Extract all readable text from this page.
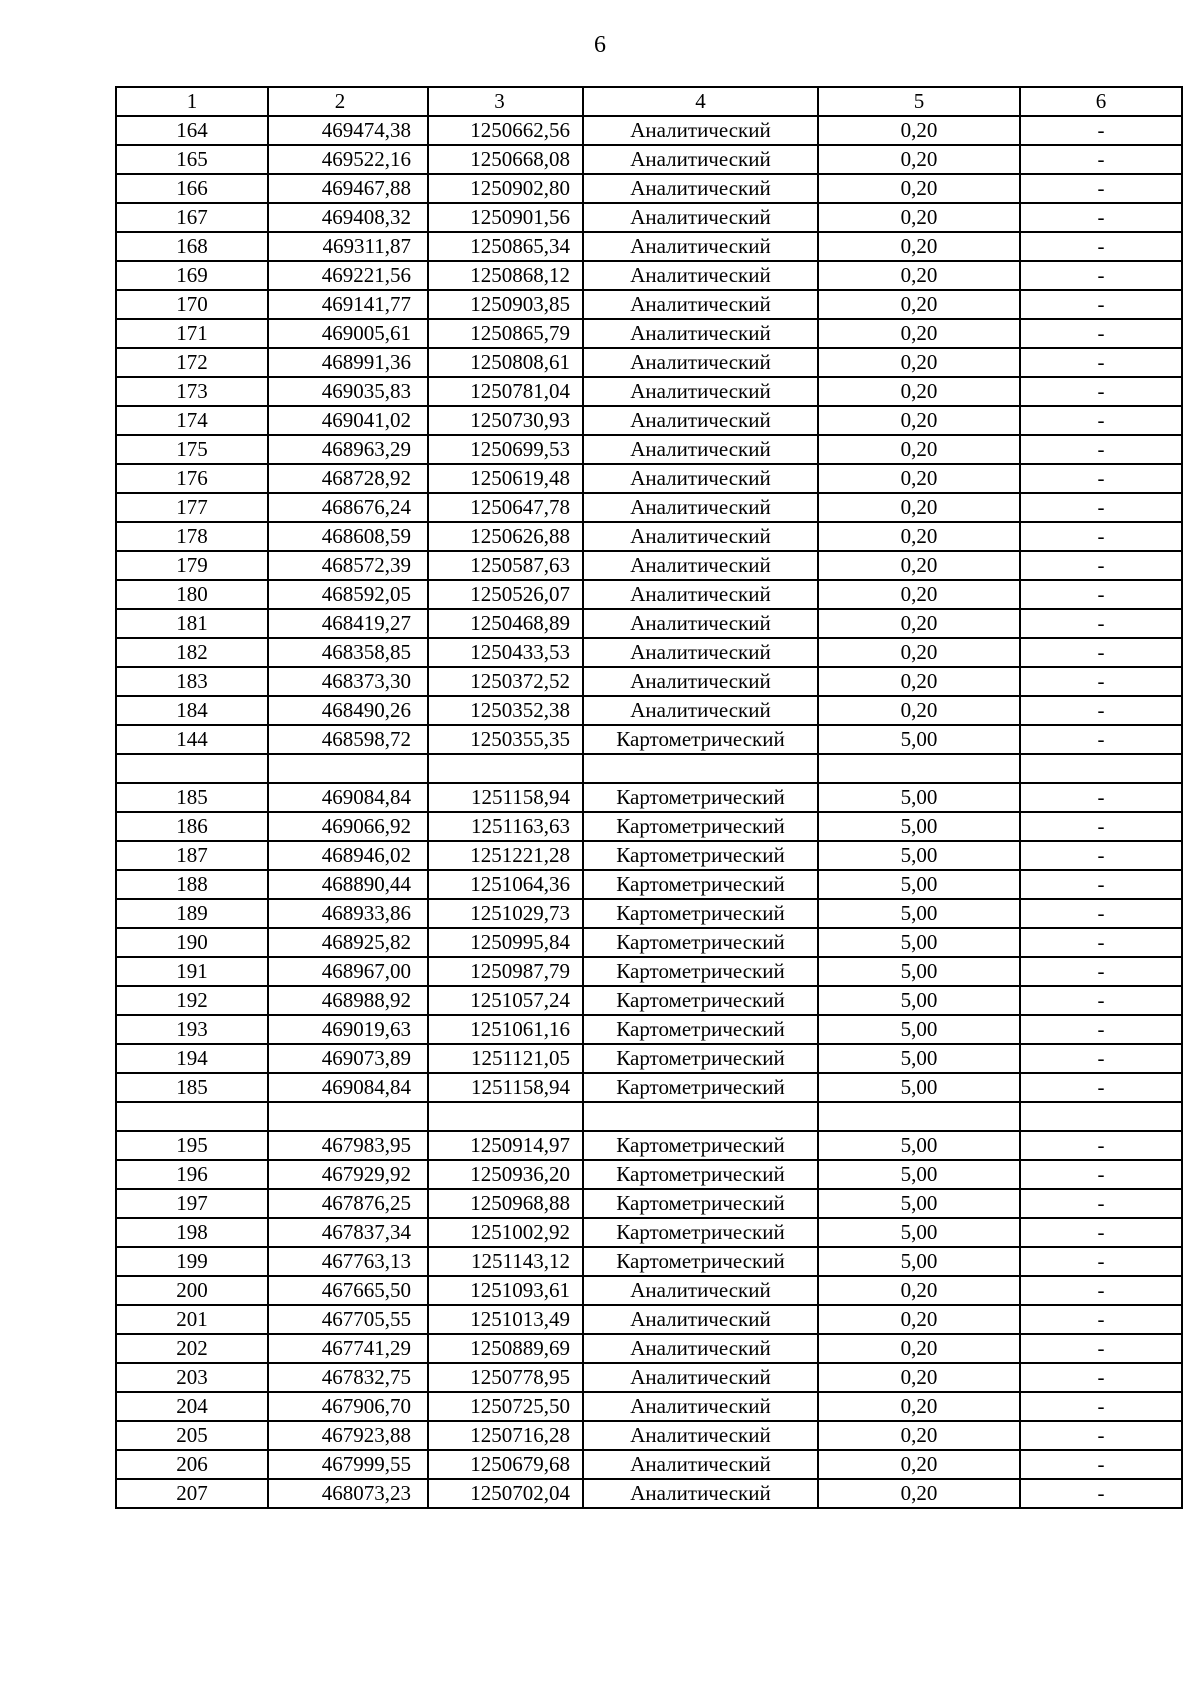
6
1	2	3	4	5	6
164	469474,38	1250662,56	Аналитический	0,20	-
165	469522,16	1250668,08	Аналитический	0,20	-
166	469467,88	1250902,80	Аналитический	0,20	-
167	469408,32	1250901,56	Аналитический	0,20	-
168	469311,87	1250865,34	Аналитический	0,20	-
169	469221,56	1250868,12	Аналитический	0,20	-
170	469141,77	1250903,85	Аналитический	0,20	-
171	469005,61	1250865,79	Аналитический	0,20	-
172	468991,36	1250808,61	Аналитический	0,20	-
173	469035,83	1250781,04	Аналитический	0,20	-
174	469041,02	1250730,93	Аналитический	0,20	-
175	468963,29	1250699,53	Аналитический	0,20	-
176	468728,92	1250619,48	Аналитический	0,20	-
177	468676,24	1250647,78	Аналитический	0,20	-
178	468608,59	1250626,88	Аналитический	0,20	-
179	468572,39	1250587,63	Аналитический	0,20	-
180	468592,05	1250526,07	Аналитический	0,20	-
181	468419,27	1250468,89	Аналитический	0,20	-
182	468358,85	1250433,53	Аналитический	0,20	-
183	468373,30	1250372,52	Аналитический	0,20	-
184	468490,26	1250352,38	Аналитический	0,20	-
144	468598,72	1250355,35	Картометрический	5,00	-

185	469084,84	1251158,94	Картометрический	5,00	-
186	469066,92	1251163,63	Картометрический	5,00	-
187	468946,02	1251221,28	Картометрический	5,00	-
188	468890,44	1251064,36	Картометрический	5,00	-
189	468933,86	1251029,73	Картометрический	5,00	-
190	468925,82	1250995,84	Картометрический	5,00	-
191	468967,00	1250987,79	Картометрический	5,00	-
192	468988,92	1251057,24	Картометрический	5,00	-
193	469019,63	1251061,16	Картометрический	5,00	-
194	469073,89	1251121,05	Картометрический	5,00	-
185	469084,84	1251158,94	Картометрический	5,00	-

195	467983,95	1250914,97	Картометрический	5,00	-
196	467929,92	1250936,20	Картометрический	5,00	-
197	467876,25	1250968,88	Картометрический	5,00	-
198	467837,34	1251002,92	Картометрический	5,00	-
199	467763,13	1251143,12	Картометрический	5,00	-
200	467665,50	1251093,61	Аналитический	0,20	-
201	467705,55	1251013,49	Аналитический	0,20	-
202	467741,29	1250889,69	Аналитический	0,20	-
203	467832,75	1250778,95	Аналитический	0,20	-
204	467906,70	1250725,50	Аналитический	0,20	-
205	467923,88	1250716,28	Аналитический	0,20	-
206	467999,55	1250679,68	Аналитический	0,20	-
207	468073,23	1250702,04	Аналитический	0,20	-
